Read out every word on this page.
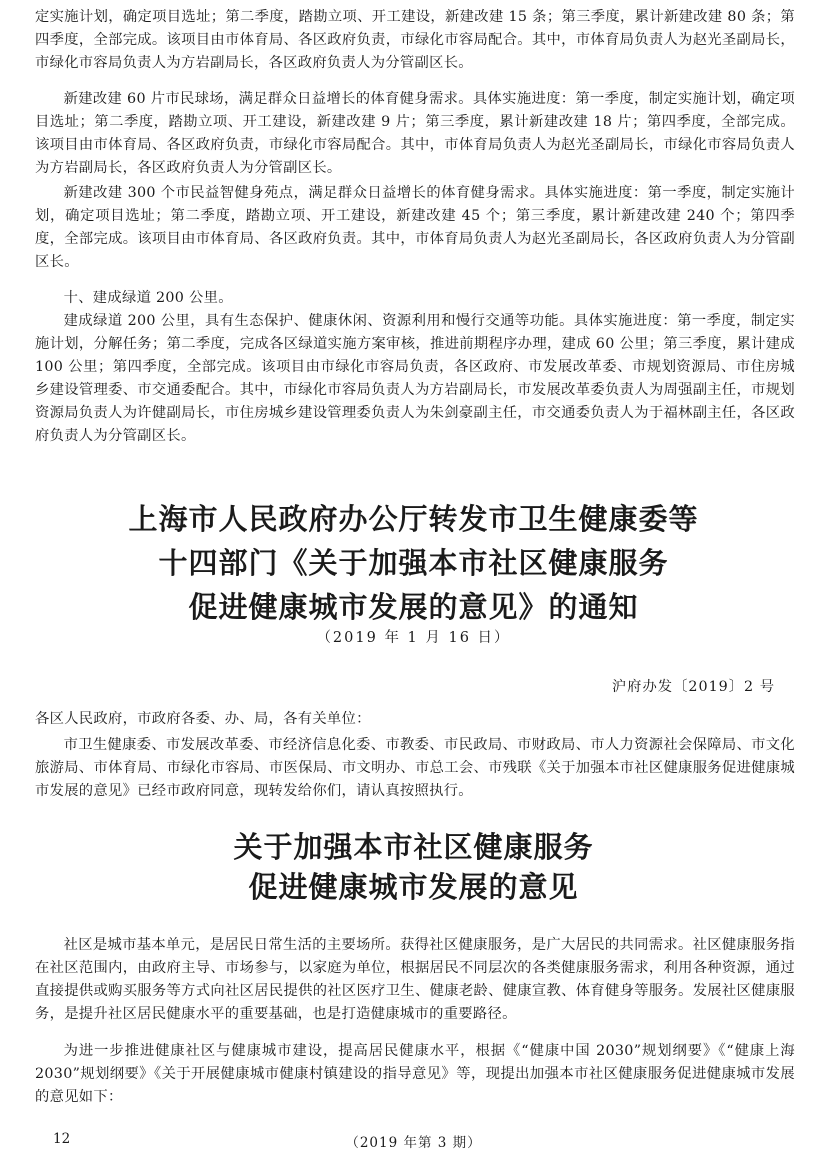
定实施计划，确定项目选址；第二季度，踏勘立项、开工建设，新建改建 15 条；第三季度，累计新建改建 80 条；第四季度，全部完成。该项目由市体育局、各区政府负责，市绿化市容局配合。其中，市体育局负责人为赵光圣副局长，市绿化市容局负责人为方岩副局长，各区政府负责人为分管副区长。

新建改建 60 片市民球场，满足群众日益增长的体育健身需求。具体实施进度：第一季度，制定实施计划，确定项目选址；第二季度，踏勘立项、开工建设，新建改建 9 片；第三季度，累计新建改建 18 片；第四季度，全部完成。该项目由市体育局、各区政府负责，市绿化市容局配合。其中，市体育局负责人为赵光圣副局长，市绿化市容局负责人为方岩副局长，各区政府负责人为分管副区长。

新建改建 300 个市民益智健身苑点，满足群众日益增长的体育健身需求。具体实施进度：第一季度，制定实施计划，确定项目选址；第二季度，踏勘立项、开工建设，新建改建 45 个；第三季度，累计新建改建 240 个；第四季度，全部完成。该项目由市体育局、各区政府负责。其中，市体育局负责人为赵光圣副局长，各区政府负责人为分管副区长。

十、建成绿道 200 公里。

建成绿道 200 公里，具有生态保护、健康休闲、资源利用和慢行交通等功能。具体实施进度：第一季度，制定实施计划，分解任务；第二季度，完成各区绿道实施方案审核，推进前期程序办理，建成 60 公里；第三季度，累计建成 100 公里；第四季度，全部完成。该项目由市绿化市容局负责，各区政府、市发展改革委、市规划资源局、市住房城乡建设管理委、市交通委配合。其中，市绿化市容局负责人为方岩副局长，市发展改革委负责人为周强副主任，市规划资源局负责人为许健副局长，市住房城乡建设管理委负责人为朱剑豪副主任，市交通委负责人为于福林副主任，各区政府负责人为分管副区长。

上海市人民政府办公厅转发市卫生健康委等
十四部门《关于加强本市社区健康服务
促进健康城市发展的意见》的通知

（2019 年 1 月 16 日）

沪府办发〔2019〕2 号

各区人民政府，市政府各委、办、局，各有关单位：

市卫生健康委、市发展改革委、市经济信息化委、市教委、市民政局、市财政局、市人力资源社会保障局、市文化旅游局、市体育局、市绿化市容局、市医保局、市文明办、市总工会、市残联《关于加强本市社区健康服务促进健康城市发展的意见》已经市政府同意，现转发给你们，请认真按照执行。

关于加强本市社区健康服务
促进健康城市发展的意见

社区是城市基本单元，是居民日常生活的主要场所。获得社区健康服务，是广大居民的共同需求。社区健康服务指在社区范围内，由政府主导、市场参与，以家庭为单位，根据居民不同层次的各类健康服务需求，利用各种资源，通过直接提供或购买服务等方式向社区居民提供的社区医疗卫生、健康老龄、健康宣教、体育健身等服务。发展社区健康服务，是提升社区居民健康水平的重要基础，也是打造健康城市的重要路径。

为进一步推进健康社区与健康城市建设，提高居民健康水平，根据《“健康中国 2030”规划纲要》《“健康上海 2030”规划纲要》《关于开展健康城市健康村镇建设的指导意见》等，现提出加强本市社区健康服务促进健康城市发展的意见如下：

12	（2019 年第 3 期）
